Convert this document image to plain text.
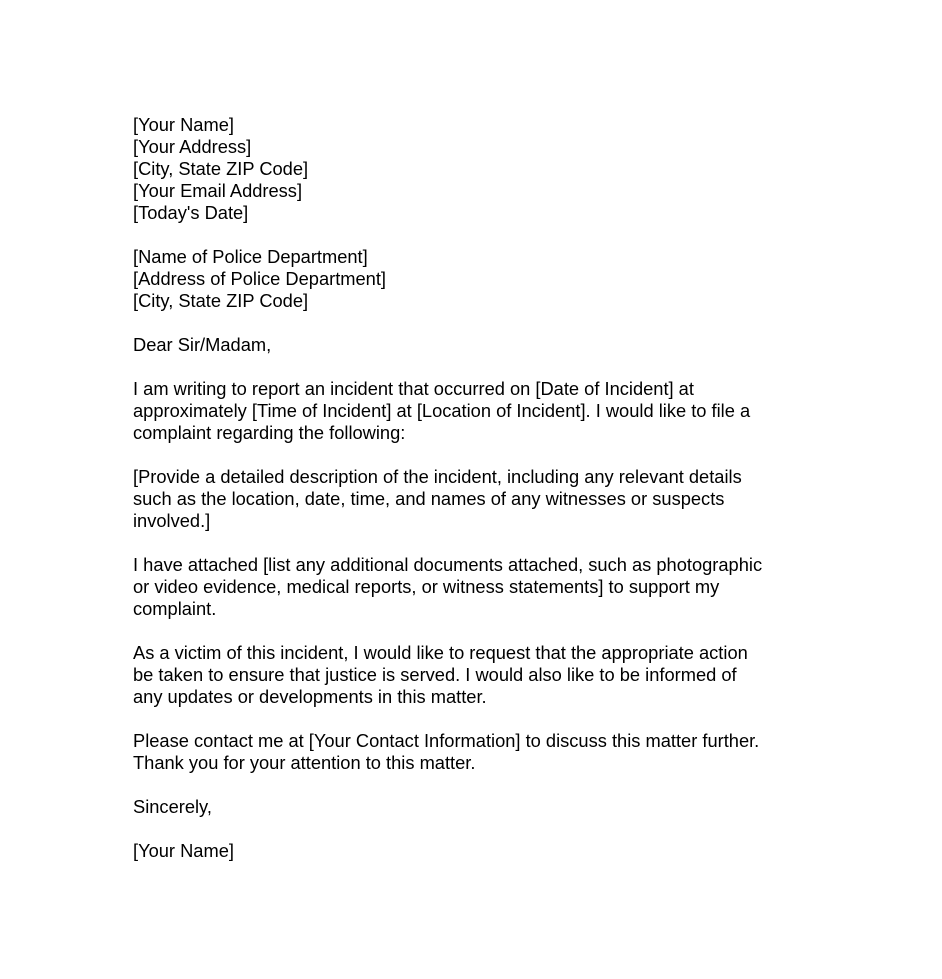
[Your Name]
[Your Address]
[City, State ZIP Code]
[Your Email Address]
[Today's Date]
[Name of Police Department]
[Address of Police Department]
[City, State ZIP Code]
Dear Sir/Madam,
I am writing to report an incident that occurred on [Date of Incident] at
approximately [Time of Incident] at [Location of Incident]. I would like to file a
complaint regarding the following:
[Provide a detailed description of the incident, including any relevant details
such as the location, date, time, and names of any witnesses or suspects
involved.]
I have attached [list any additional documents attached, such as photographic
or video evidence, medical reports, or witness statements] to support my
complaint.
As a victim of this incident, I would like to request that the appropriate action
be taken to ensure that justice is served. I would also like to be informed of
any updates or developments in this matter.
Please contact me at [Your Contact Information] to discuss this matter further.
Thank you for your attention to this matter.
Sincerely,
[Your Name]
